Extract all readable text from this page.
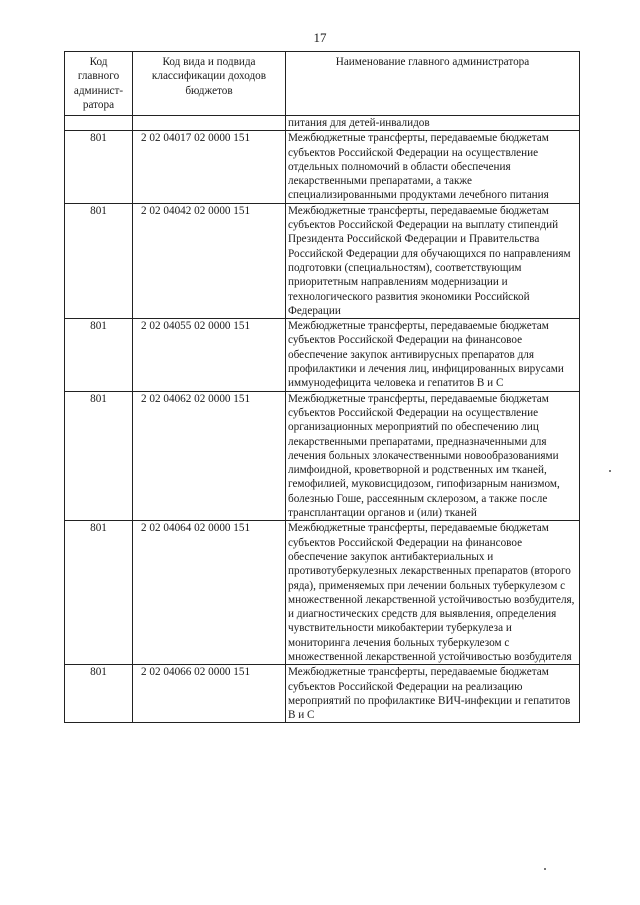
17
Код главного админист-ратора	Код вида и подвида классификации доходов бюджетов	Наименование главного администратора
		питания для детей-инвалидов
801	2 02 04017 02 0000 151	Межбюджетные трансферты, передаваемые бюджетам субъектов Российской Федерации на осуществление отдельных полномочий в области обеспечения лекарственными препаратами, а также специализированными продуктами лечебного питания
801	2 02 04042 02 0000 151	Межбюджетные трансферты, передаваемые бюджетам субъектов Российской Федерации на выплату стипендий Президента Российской Федерации и Правительства Российской Федерации для обучающихся по направлениям подготовки (специальностям), соответствующим приоритетным направлениям модернизации и технологического развития экономики Российской Федерации
801	2 02 04055 02 0000 151	Межбюджетные трансферты, передаваемые бюджетам субъектов Российской Федерации на финансовое обеспечение закупок антивирусных препаратов для профилактики и лечения лиц, инфицированных вирусами иммунодефицита человека и гепатитов B и C
801	2 02 04062 02 0000 151	Межбюджетные трансферты, передаваемые бюджетам субъектов Российской Федерации на осуществление организационных мероприятий по обеспечению лиц лекарственными препаратами, предназначенными для лечения больных злокачественными новообразованиями лимфоидной, кроветворной и родственных им тканей, гемофилией, муковисцидозом, гипофизарным нанизмом, болезнью Гоше, рассеянным склерозом, а также после трансплантации органов и (или) тканей
801	2 02 04064 02 0000 151	Межбюджетные трансферты, передаваемые бюджетам субъектов Российской Федерации на финансовое обеспечение закупок антибактериальных и противотуберкулезных лекарственных препаратов (второго ряда), применяемых при лечении больных туберкулезом с множественной лекарственной устойчивостью возбудителя, и диагностических средств для выявления, определения чувствительности микобактерии туберкулеза и мониторинга лечения больных туберкулезом с множественной лекарственной устойчивостью возбудителя
801	2 02 04066 02 0000 151	Межбюджетные трансферты, передаваемые бюджетам субъектов Российской Федерации на реализацию мероприятий по профилактике ВИЧ-инфекции и гепатитов B и C
